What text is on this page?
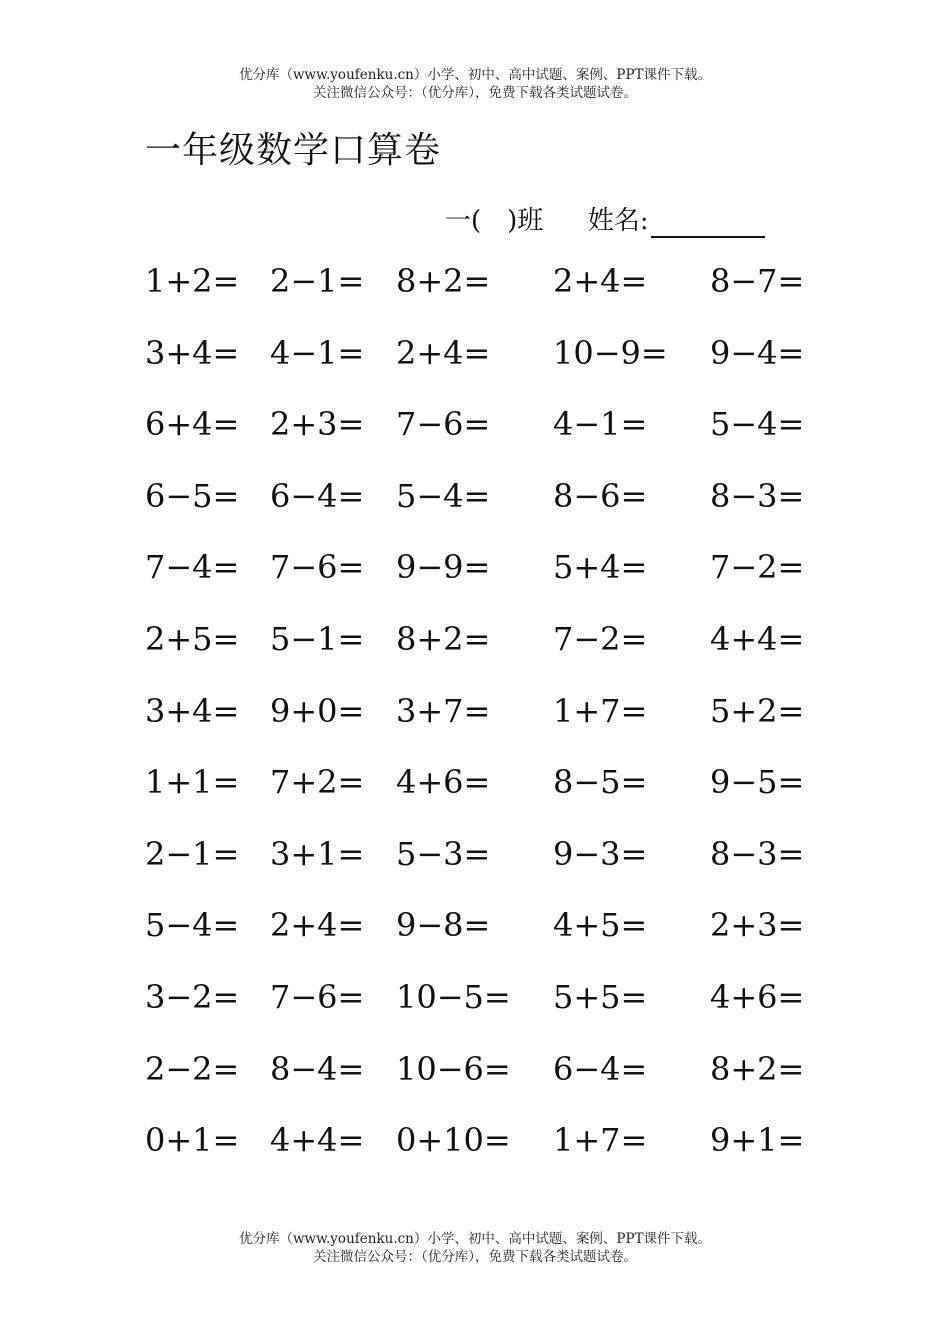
优分库（www.youfenku.cn）小学、初中、高中试题、案例、PPT课件下载。
关注微信公众号：（优分库），免费下载各类试题试卷。
一年级数学口算卷
一(　)班 姓名:
1+2= 2−1= 8+2= 2+4= 8−7=
3+4= 4−1= 2+4= 10−9= 9−4=
6+4= 2+3= 7−6= 4−1= 5−4=
6−5= 6−4= 5−4= 8−6= 8−3=
7−4= 7−6= 9−9= 5+4= 7−2=
2+5= 5−1= 8+2= 7−2= 4+4=
3+4= 9+0= 3+7= 1+7= 5+2=
1+1= 7+2= 4+6= 8−5= 9−5=
2−1= 3+1= 5−3= 9−3= 8−3=
5−4= 2+4= 9−8= 4+5= 2+3=
3−2= 7−6= 10−5= 5+5= 4+6=
2−2= 8−4= 10−6= 6−4= 8+2=
0+1= 4+4= 0+10= 1+7= 9+1=
优分库（www.youfenku.cn）小学、初中、高中试题、案例、PPT课件下载。
关注微信公众号：（优分库），免费下载各类试题试卷。
